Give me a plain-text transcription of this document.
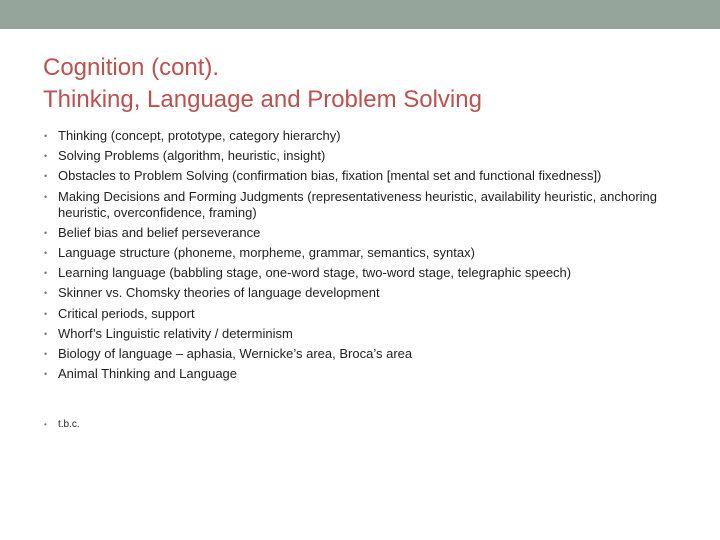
Cognition (cont).
Thinking, Language and Problem Solving
• Thinking (concept, prototype, category hierarchy)
• Solving Problems (algorithm, heuristic, insight)
• Obstacles to Problem Solving (confirmation bias, fixation [mental set and functional fixedness])
• Making Decisions and Forming Judgments (representativeness heuristic, availability heuristic, anchoring heuristic, overconfidence, framing)
• Belief bias and belief perseverance
• Language structure (phoneme, morpheme, grammar, semantics, syntax)
• Learning language (babbling stage, one-word stage, two-word stage, telegraphic speech)
• Skinner vs. Chomsky theories of language development
• Critical periods, support
• Whorf’s Linguistic relativity / determinism
• Biology of language – aphasia, Wernicke’s area, Broca’s area
• Animal Thinking and Language
• t.b.c.
